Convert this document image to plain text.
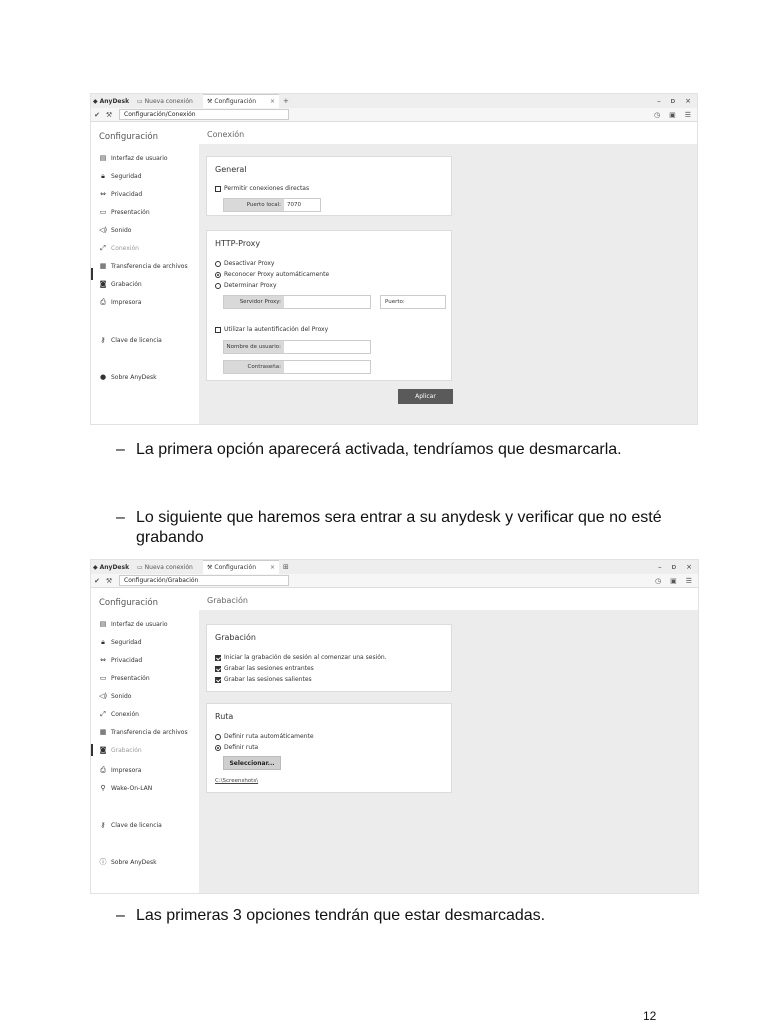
◆ AnyDesk ▭ Nueva conexión ⚒ Configuración ×	+	– ɒ ×
✔ ⚒	Configuración/Conexión	◷ ▣ ☰
Configuración
▤ Interfaz de usuario
🔒︎	Seguridad
⇔ Privacidad
▭ Presentación
◁) Sonido
⤢ Conexión
▦ Transferencia de archivos
◙ Grabación
⎙ Impresora
⚷ Clave de licencia
● Sobre AnyDesk
Conexión
General
Permitir conexiones directas
Puerto local:	7070
HTTP-Proxy
Desactivar Proxy
Reconocer Proxy automáticamente
Determinar Proxy
Servidor Proxy:	Puerto:
Utilizar la autentificación del Proxy
Nombre de usuario:
Contraseña:
Aplicar
– La primera opción aparecerá activada, tendríamos que desmarcarla.
– Lo siguiente que haremos sera entrar a su anydesk y verificar que no esté grabando
◆ AnyDesk ▭ Nueva conexión ⚒ Configuración ×	⊞	– ɒ ×
✔ ⚒	Configuración/Grabación	◷ ▣ ☰
Configuración
▤ Interfaz de usuario
🔒︎	Seguridad
⇔ Privacidad
▭ Presentación
◁) Sonido
⤢ Conexión
▦ Transferencia de archivos
◙ Grabación
⎙ Impresora
⚲ Wake-On-LAN
⚷ Clave de licencia
ⓘ Sobre AnyDesk
Grabación
Grabación
Iniciar la grabación de sesión al comenzar una sesión.
Grabar las sesiones entrantes
Grabar las sesiones salientes
Ruta
Definir ruta automáticamente
Definir ruta
Seleccionar...
C:\Screenshots\
– Las primeras 3 opciones tendrán que estar desmarcadas.
12
